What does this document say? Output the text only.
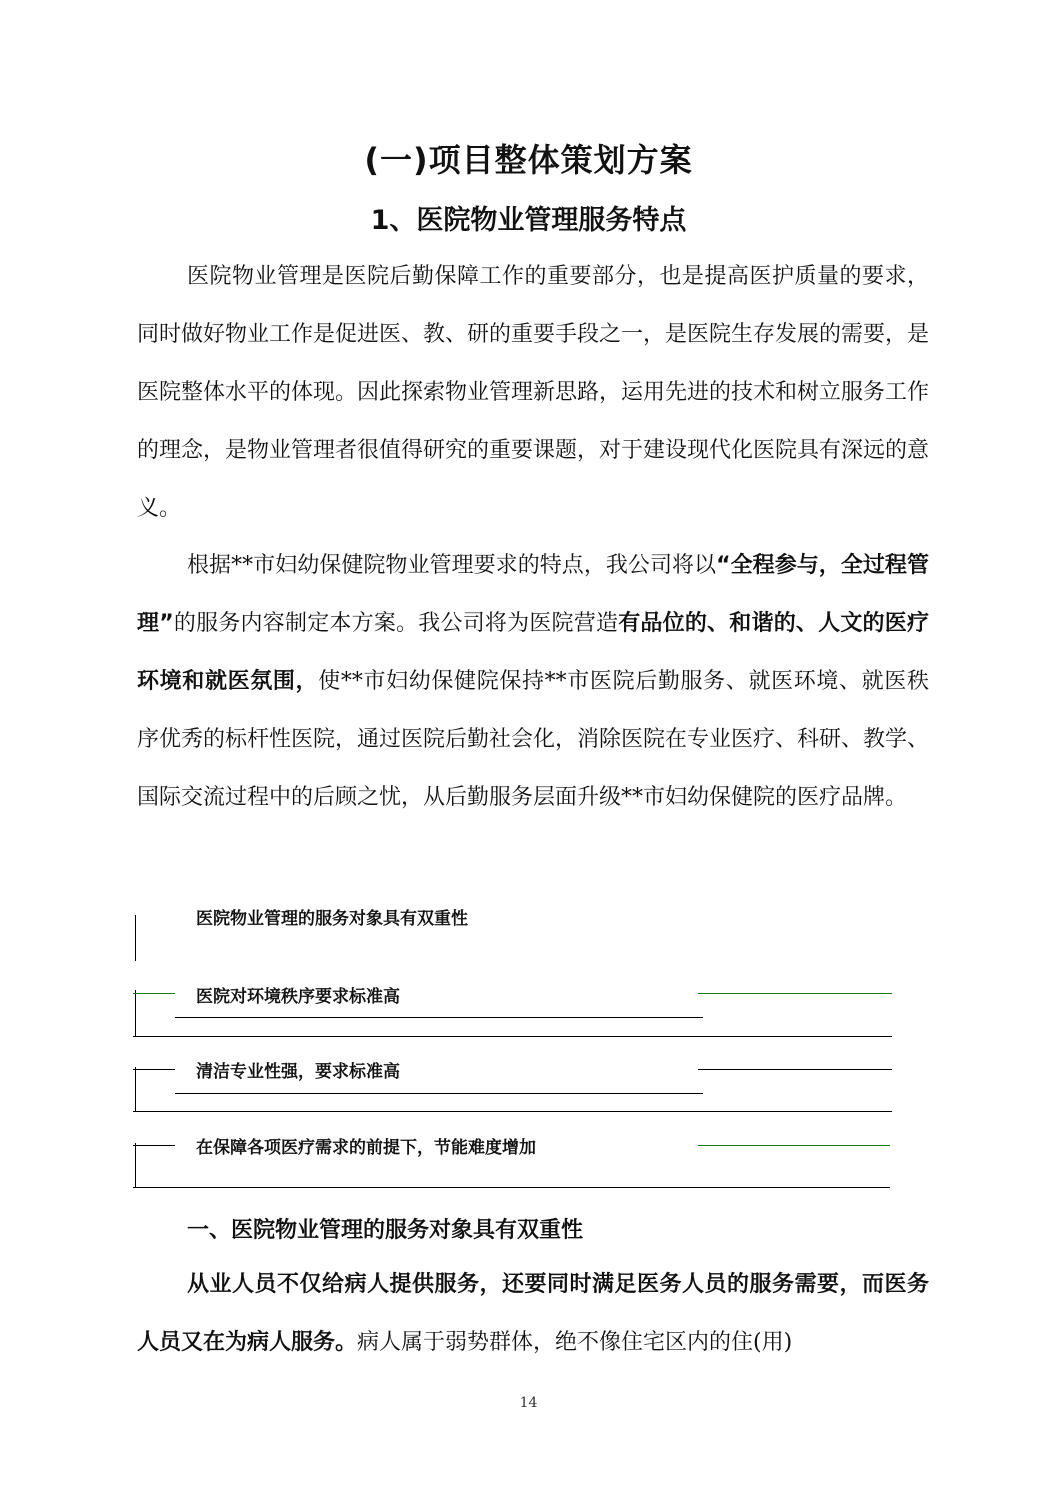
(一)项目整体策划方案
1、医院物业管理服务特点

医院物业管理是医院后勤保障工作的重要部分，也是提高医护质量的要求，同时做好物业工作是促进医、教、研的重要手段之一，是医院生存发展的需要，是医院整体水平的体现。因此探索物业管理新思路，运用先进的技术和树立服务工作的理念，是物业管理者很值得研究的重要课题，对于建设现代化医院具有深远的意义。

根据**市妇幼保健院物业管理要求的特点，我公司将以“全程参与，全过程管理”的服务内容制定本方案。我公司将为医院营造有品位的、和谐的、人文的医疗环境和就医氛围，使**市妇幼保健院保持**市医院后勤服务、就医环境、就医秩序优秀的标杆性医院，通过医院后勤社会化，消除医院在专业医疗、科研、教学、国际交流过程中的后顾之忧，从后勤服务层面升级**市妇幼保健院的医疗品牌。

医院物业管理的服务对象具有双重性
医院对环境秩序要求标准高
清洁专业性强，要求标准高
在保障各项医疗需求的前提下，节能难度增加
一、医院物业管理的服务对象具有双重性

从业人员不仅给病人提供服务，还要同时满足医务人员的服务需要，而医务人员又在为病人服务。病人属于弱势群体，绝不像住宅区内的住(用)

14
